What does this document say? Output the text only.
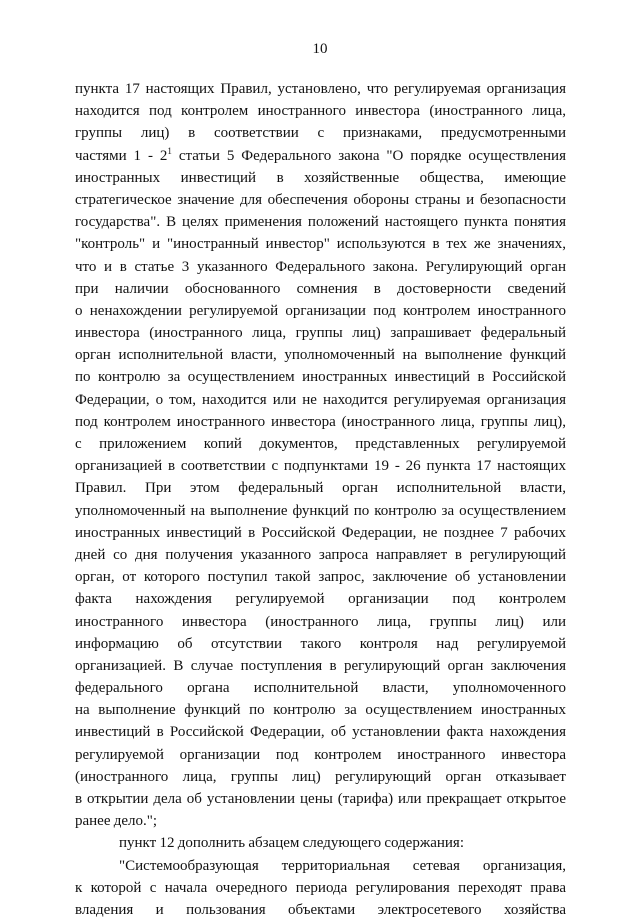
10
пункта 17 настоящих Правил, установлено, что регулируемая организация
находится под контролем иностранного инвестора (иностранного лица,
группы лиц) в соответствии с признаками, предусмотренными
частями $1 - 2^1$ статьи 5 Федерального закона "О порядке осуществления
иностранных инвестиций в хозяйственные общества, имеющие
стратегическое значение для обеспечения обороны страны и безопасности
государства". В целях применения положений настоящего пункта понятия
"контроль" и "иностранный инвестор" используются в тех же значениях,
что и в статье 3 указанного Федерального закона. Регулирующий орган
при наличии обоснованного сомнения в достоверности сведений
о ненахождении регулируемой организации под контролем иностранного
инвестора (иностранного лица, группы лиц) запрашивает федеральный
орган исполнительной власти, уполномоченный на выполнение функций
по контролю за осуществлением иностранных инвестиций в Российской
Федерации, о том, находится или не находится регулируемая организация
под контролем иностранного инвестора (иностранного лица, группы лиц),
с приложением копий документов, представленных регулируемой
организацией в соответствии с подпунктами 19 - 26 пункта 17 настоящих
Правил. При этом федеральный орган исполнительной власти,
уполномоченный на выполнение функций по контролю за осуществлением
иностранных инвестиций в Российской Федерации, не позднее 7 рабочих
дней со дня получения указанного запроса направляет в регулирующий
орган, от которого поступил такой запрос, заключение об установлении
факта нахождения регулируемой организации под контролем
иностранного инвестора (иностранного лица, группы лиц) или
информацию об отсутствии такого контроля над регулируемой
организацией. В случае поступления в регулирующий орган заключения
федерального органа исполнительной власти, уполномоченного
на выполнение функций по контролю за осуществлением иностранных
инвестиций в Российской Федерации, об установлении факта нахождения
регулируемой организации под контролем иностранного инвестора
(иностранного лица, группы лиц) регулирующий орган отказывает
в открытии дела об установлении цены (тарифа) или прекращает открытое
ранее дело.";
пункт 12 дополнить абзацем следующего содержания:
"Системообразующая территориальная сетевая организация,
к которой с начала очередного периода регулирования переходят права
владения и пользования объектами электросетевого хозяйства
